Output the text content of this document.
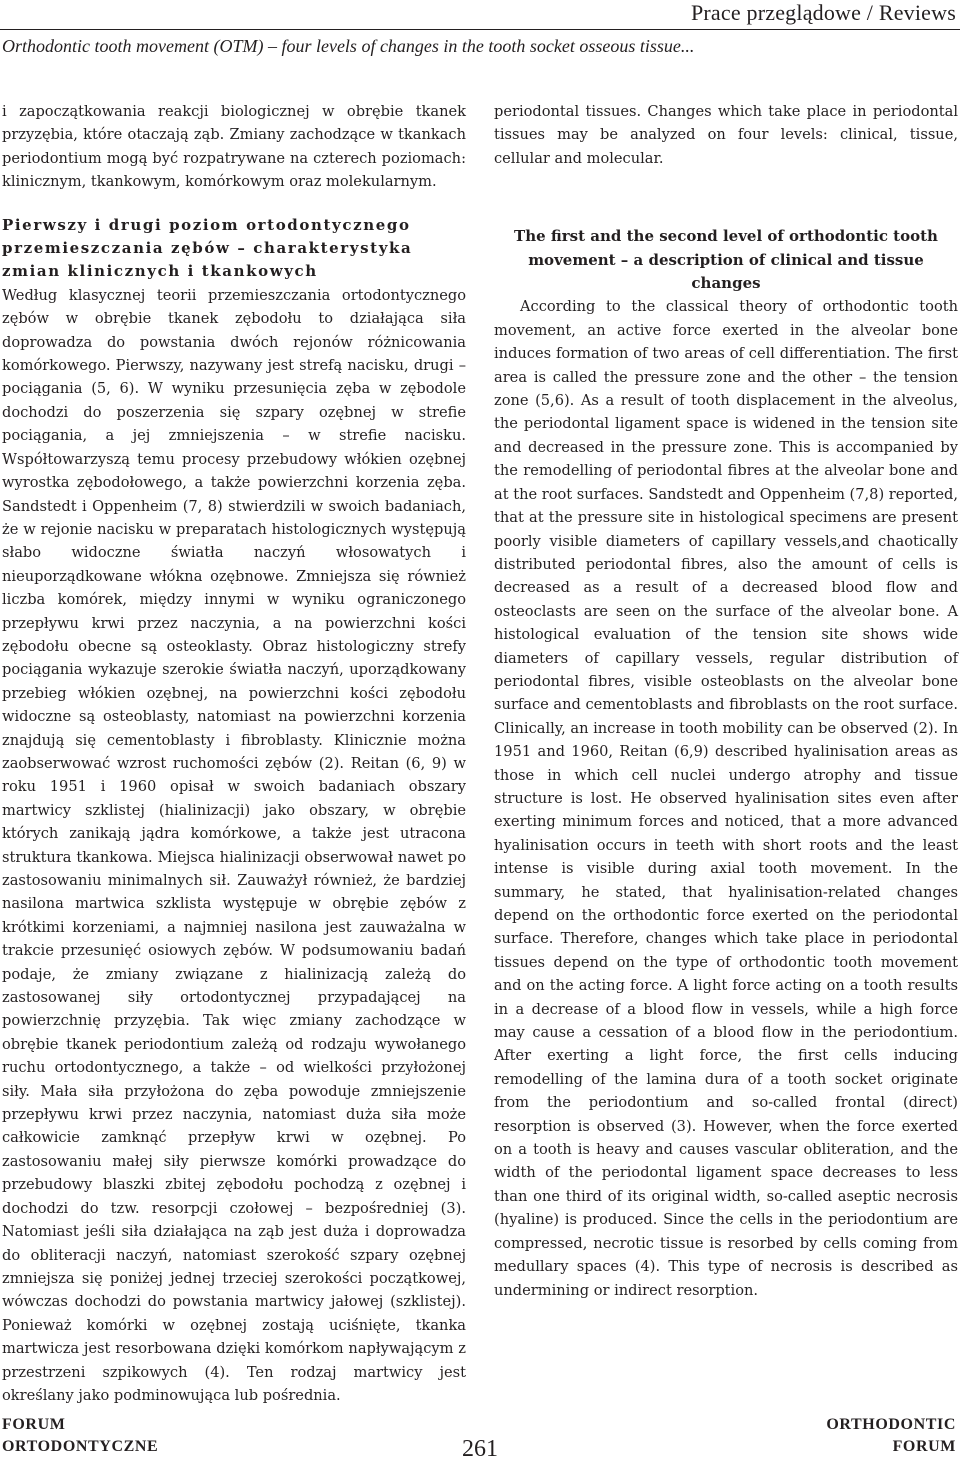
Prace przeglądowe / Reviews
Orthodontic tooth movement (OTM) – four levels of changes in the tooth socket osseous tissue...

i zapoczątkowania reakcji biologicznej w obrębie tkanek przyzębia, które otaczają ząb. Zmiany zachodzące w tkankach periodontium mogą być rozpatrywane na czterech poziomach: klinicznym, tkankowym, komórkowym oraz molekularnym.

Pierwszy i drugi poziom ortodontycznego przemieszczania zębów – charakterystyka zmian klinicznych i tkankowych

Według klasycznej teorii przemieszczania ortodontycznego zębów w obrębie tkanek zębodołu to działająca siła doprowadza do powstania dwóch rejonów różnicowania komórkowego. Pierwszy, nazywany jest strefą nacisku, drugi – pociągania (5, 6). W wyniku przesunięcia zęba w zębodole dochodzi do poszerzenia się szpary ozębnej w strefie pociągania, a jej zmniejszenia – w strefie nacisku. Współtowarzyszą temu procesy przebudowy włókien ozębnej wyrostka zębodołowego, a także powierzchni korzenia zęba. Sandstedt i Oppenheim (7, 8) stwierdzili w swoich badaniach, że w rejonie nacisku w preparatach histologicznych występują słabo widoczne światła naczyń włosowatych i nieuporządkowane włókna ozębnowe. Zmniejsza się również liczba komórek, między innymi w wyniku ograniczonego przepływu krwi przez naczynia, a na powierzchni kości zębodołu obecne są osteoklasty. Obraz histologiczny strefy pociągania wykazuje szerokie światła naczyń, uporządkowany przebieg włókien ozębnej, na powierzchni kości zębodołu widoczne są osteoblasty, natomiast na powierzchni korzenia znajdują się cementoblasty i fibroblasty. Klinicznie można zaobserwować wzrost ruchomości zębów (2). Reitan (6, 9) w roku 1951 i 1960 opisał w swoich badaniach obszary martwicy szklistej (hialinizacji) jako obszary, w obrębie których zanikają jądra komórkowe, a także jest utracona struktura tkankowa. Miejsca hialinizacji obserwował nawet po zastosowaniu minimalnych sił. Zauważył również, że bardziej nasilona martwica szklista występuje w obrębie zębów z krótkimi korzeniami, a najmniej nasilona jest zauważalna w trakcie przesunięć osiowych zębów. W podsumowaniu badań podaje, że zmiany związane z hialinizacją zależą do zastosowanej siły ortodontycznej przypadającej na powierzchnię przyzębia. Tak więc zmiany zachodzące w obrębie tkanek periodontium zależą od rodzaju wywołanego ruchu ortodontycznego, a także – od wielkości przyłożonej siły. Mała siła przyłożona do zęba powoduje zmniejszenie przepływu krwi przez naczynia, natomiast duża siła może całkowicie zamknąć przepływ krwi w ozębnej. Po zastosowaniu małej siły pierwsze komórki prowadzące do przebudowy blaszki zbitej zębodołu pochodzą z ozębnej i dochodzi do tzw. resorpcji czołowej – bezpośredniej (3). Natomiast jeśli siła działająca na ząb jest duża i doprowadza do obliteracji naczyń, natomiast szerokość szpary ozębnej zmniejsza się poniżej jednej trzeciej szerokości początkowej, wówczas dochodzi do powstania martwicy jałowej (szklistej). Ponieważ komórki w ozębnej zostają uciśnięte, tkanka martwicza jest resorbowana dzięki komórkom napływającym z przestrzeni szpikowych (4). Ten rodzaj martwicy jest określany jako podminowująca lub pośrednia.

periodontal tissues. Changes which take place in periodontal tissues may be analyzed on four levels: clinical, tissue, cellular and molecular.

The first and the second level of orthodontic tooth movement – a description of clinical and tissue changes

According to the classical theory of orthodontic tooth movement, an active force exerted in the alveolar bone induces formation of two areas of cell differentiation. The first area is called the pressure zone and the other – the tension zone (5,6). As a result of tooth displacement in the alveolus, the periodontal ligament space is widened in the tension site and decreased in the pressure zone. This is accompanied by the remodelling of periodontal fibres at the alveolar bone and at the root surfaces. Sandstedt and Oppenheim (7,8) reported, that at the pressure site in histological specimens are present poorly visible diameters of capillary vessels,and chaotically distributed periodontal fibres, also the amount of cells is decreased as a result of a decreased blood flow and osteoclasts are seen on the surface of the alveolar bone. A histological evaluation of the tension site shows wide diameters of capillary vessels, regular distribution of periodontal fibres, visible osteoblasts on the alveolar bone surface and cementoblasts and fibroblasts on the root surface. Clinically, an increase in tooth mobility can be observed (2). In 1951 and 1960, Reitan (6,9) described hyalinisation areas as those in which cell nuclei undergo atrophy and tissue structure is lost. He observed hyalinisation sites even after exerting minimum forces and noticed, that a more advanced hyalinisation occurs in teeth with short roots and the least intense is visible during axial tooth movement. In the summary, he stated, that hyalinisation-related changes depend on the orthodontic force exerted on the periodontal surface. Therefore, changes which take place in periodontal tissues depend on the type of orthodontic tooth movement and on the acting force. A light force acting on a tooth results in a decrease of a blood flow in vessels, while a high force may cause a cessation of a blood flow in the periodontium. After exerting a light force, the first cells inducing remodelling of the lamina dura of a tooth socket originate from the periodontium and so-called frontal (direct) resorption is observed (3). However, when the force exerted on a tooth is heavy and causes vascular obliteration, and the width of the periodontal ligament space decreases to less than one third of its original width, so-called aseptic necrosis (hyaline) is produced. Since the cells in the periodontium are compressed, necrotic tissue is resorbed by cells coming from medullary spaces (4). This type of necrosis is described as undermining or indirect resorption.

FORUM
ORTODONTYCZNE	261
ORTHODONTIC
FORUM
